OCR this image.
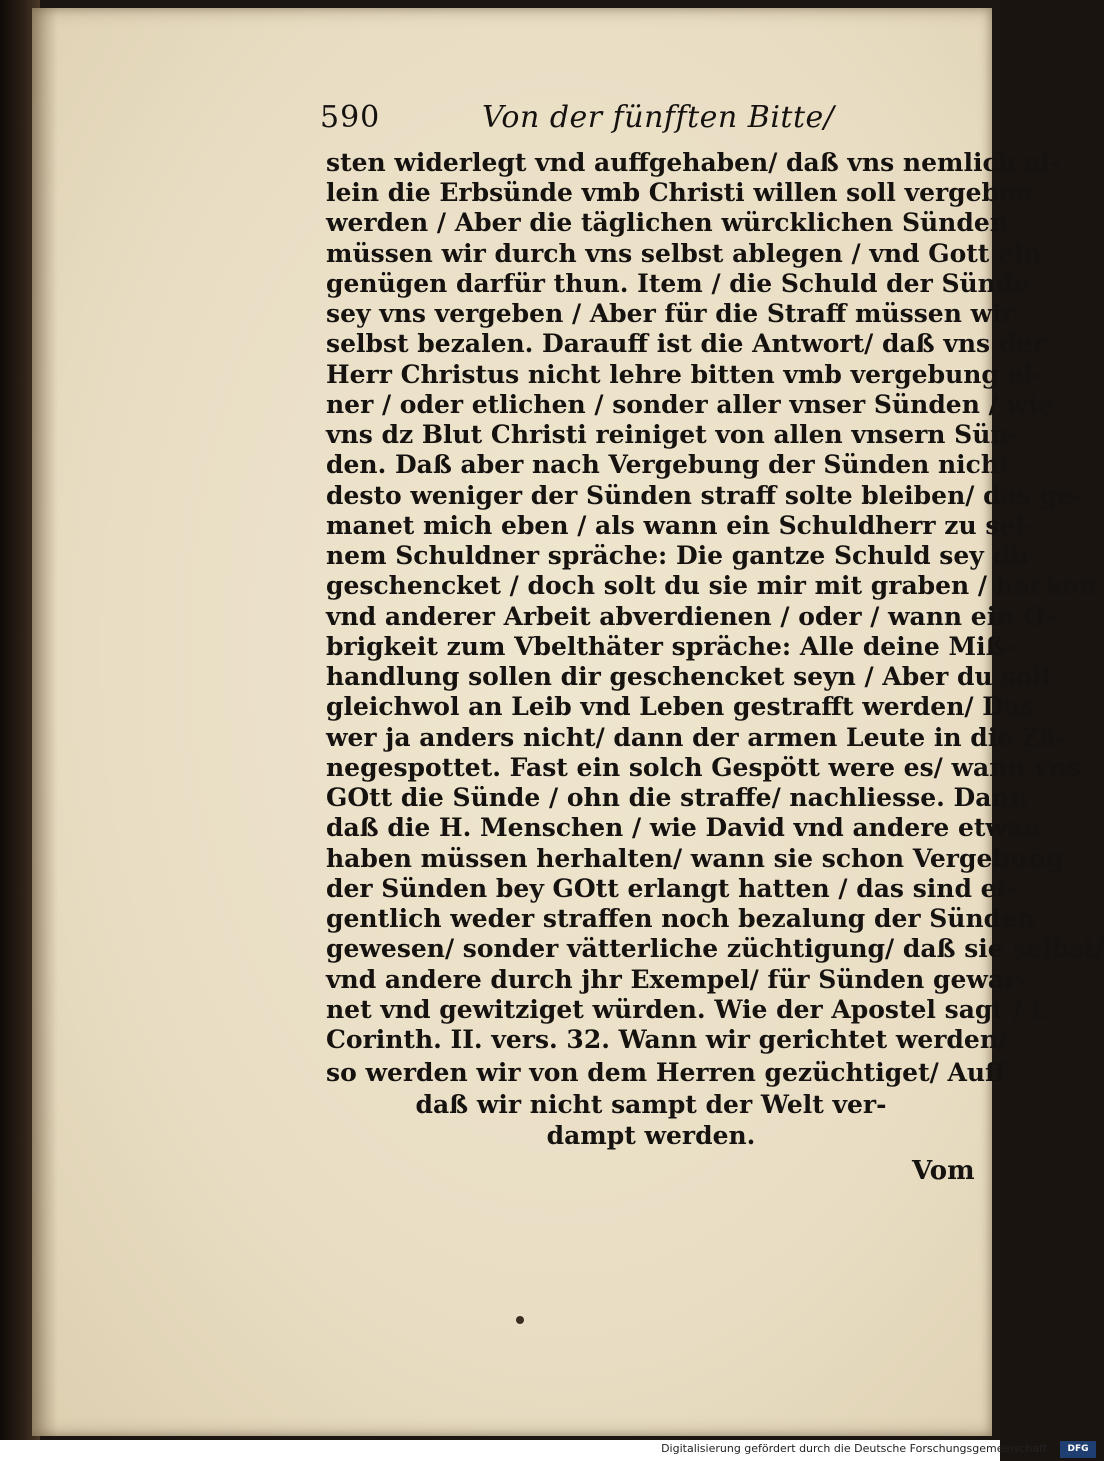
590	Von der fünfften Bitte/
sten widerlegt vnd auffgehaben/ daß vns nemlich al-
lein die Erbsünde vmb Christi willen soll vergeben
werden / Aber die täglichen würcklichen Sünden
müssen wir durch vns selbst ablegen / vnd Gott ein
genügen darfür thun. Item / die Schuld der Sünde
sey vns vergeben / Aber für die Straff müssen wir
selbst bezalen. Darauff ist die Antwort/ daß vns der
Herr Christus nicht lehre bitten vmb vergebung ei-
ner / oder etlichen / sonder aller vnser Sünden / wie
vns dz Blut Christi reiniget von allen vnsern Sün-
den. Daß aber nach Vergebung der Sünden nicht
desto weniger der Sünden straff solte bleiben/ das ge-
manet mich eben / als wann ein Schuldherr zu sei-
nem Schuldner spräche: Die gantze Schuld sey dir
geschencket / doch solt du sie mir mit graben / hacken
vnd anderer Arbeit abverdienen / oder / wann ein O-
brigkeit zum Vbelthäter spräche: Alle deine Miß-
handlung sollen dir geschencket seyn / Aber du solt
gleichwol an Leib vnd Leben gestrafft werden/ Das
wer ja anders nicht/ dann der armen Leute in die Zä-
negespottet. Fast ein solch Gespött were es/ wann vns
GOtt die Sünde / ohn die straffe/ nachliesse. Dann
daß die H. Menschen / wie David vnd andere etwan
haben müssen herhalten/ wann sie schon Vergebung
der Sünden bey GOtt erlangt hatten / das sind ei-
gentlich weder straffen noch bezalung der Sünden
gewesen/ sonder vätterliche züchtigung/ daß sie selbst/
vnd andere durch jhr Exempel/ für Sünden gewar-
net vnd gewitziget würden. Wie der Apostel sagt / I.
Corinth. II. vers. 32. Wann wir gerichtet werden/
so werden wir von dem Herren gezüchtiget/ Auff
daß wir nicht sampt der Welt ver-
dampt werden.
Vom
Digitalisierung gefördert durch die Deutsche Forschungsgemeinschaft ·	DFG
